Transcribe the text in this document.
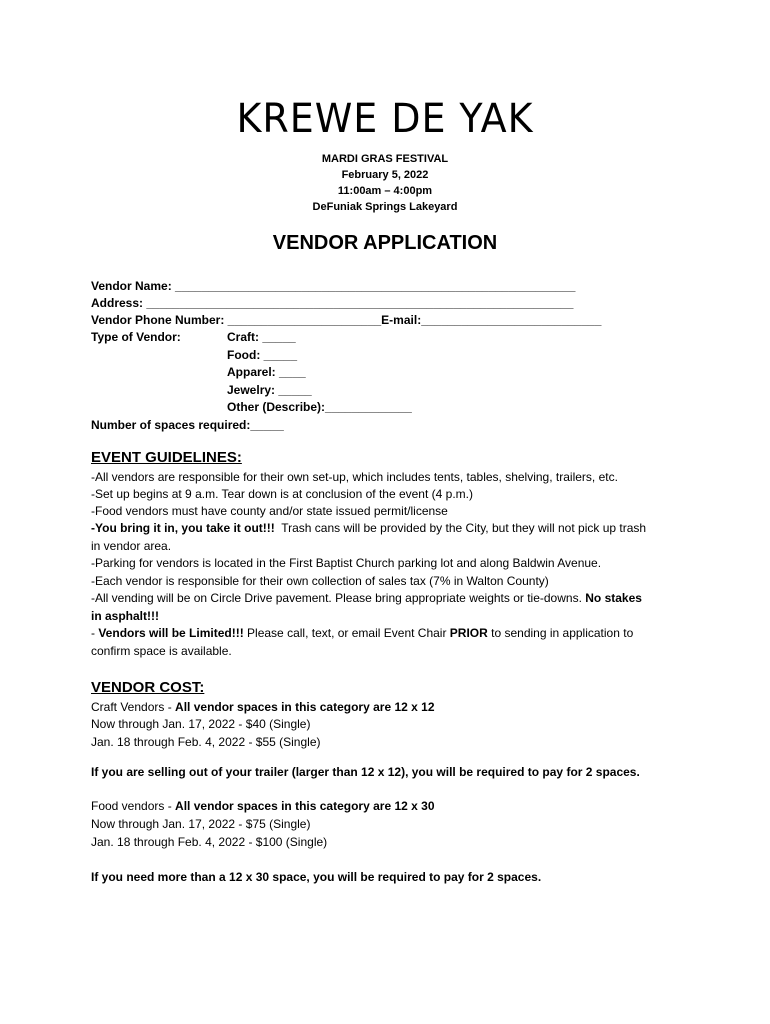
KREWE DE YAK
MARDI GRAS FESTIVAL
February 5, 2022
11:00am – 4:00pm
DeFuniak Springs Lakeyard
VENDOR APPLICATION
Vendor Name: ____________________________________________________________
Address: ________________________________________________________________
Vendor Phone Number: _______________________E-mail:___________________________
Type of Vendor:	Craft: _____
Food: _____
Apparel: ____
Jewelry: _____
Other (Describe):_____________
Number of spaces required:_____
EVENT GUIDELINES:
-All vendors are responsible for their own set-up, which includes tents, tables, shelving, trailers, etc.
-Set up begins at 9 a.m. Tear down is at conclusion of the event (4 p.m.)
-Food vendors must have county and/or state issued permit/license
-You bring it in, you take it out!!!  Trash cans will be provided by the City, but they will not pick up trash
in vendor area.
-Parking for vendors is located in the First Baptist Church parking lot and along Baldwin Avenue.
-Each vendor is responsible for their own collection of sales tax (7% in Walton County)
-All vending will be on Circle Drive pavement. Please bring appropriate weights or tie-downs. No stakes
in asphalt!!!
- Vendors will be Limited!!! Please call, text, or email Event Chair PRIOR to sending in application to
confirm space is available.
VENDOR COST:
Craft Vendors - All vendor spaces in this category are 12 x 12
Now through Jan. 17, 2022 - $40 (Single)
Jan. 18 through Feb. 4, 2022 - $55 (Single)
If you are selling out of your trailer (larger than 12 x 12), you will be required to pay for 2 spaces.
Food vendors - All vendor spaces in this category are 12 x 30
Now through Jan. 17, 2022 - $75 (Single)
Jan. 18 through Feb. 4, 2022 - $100 (Single)
If you need more than a 12 x 30 space, you will be required to pay for 2 spaces.
